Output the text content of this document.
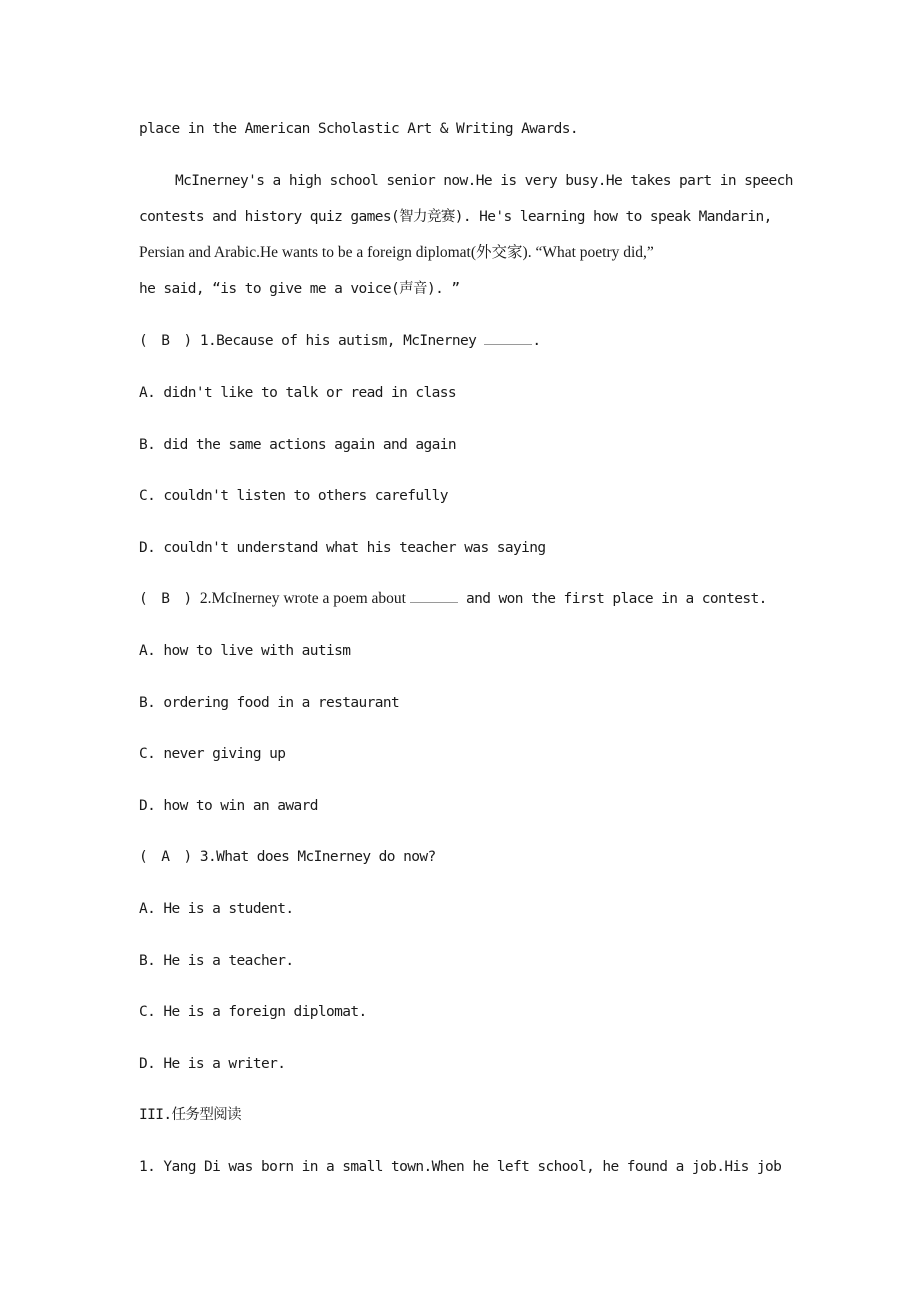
place in the American Scholastic Art & Writing Awards.
McInerney's a high school senior now.He is very busy.He takes part in speech
contests and history quiz games(智力竞赛). He's learning how to speak Mandarin,
Persian and Arabic.He wants to be a foreign diplomat(外交家). “What poetry did,”
he said, “is to give me a voice(声音). ”
( B ) 1.Because of his autism, McInerney	.
A. didn't like to talk or read in class
B. did the same actions again and again
C. couldn't listen to others carefully
D. couldn't understand what his teacher was saying
( B ) 2.McInerney wrote a poem about	and won the first place in a contest.
A. how to live with autism
B. ordering food in a restaurant
C. never giving up
D. how to win an award
( A ) 3.What does McInerney do now?
A. He is a student.
B. He is a teacher.
C. He is a foreign diplomat.
D. He is a writer.
III.任务型阅读
1. Yang Di was born in a small town.When he left school, he found a job.His job
